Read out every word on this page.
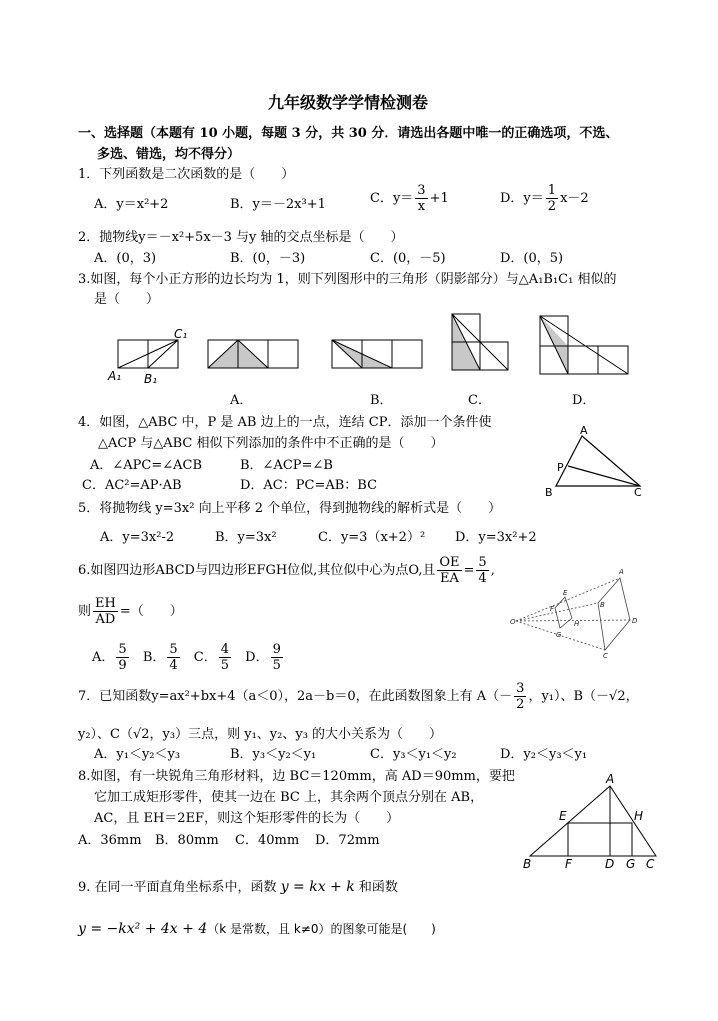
九年级数学学情检测卷
一、选择题（本题有 10 小题，每题 3 分，共 30 分．请选出各题中唯一的正确选项，不选、
多选、错选，均不得分）
1．下列函数是二次函数的是（　　）
A．y＝x²+2	B．y＝－2x³+1	C．$y= \frac{3}{x} +1$	D．$y= \frac{1}{2} x-2$
2．抛物线y＝－x²+5x－3 与y 轴的交点坐标是（　　）
A．(0，3)	B．(0，－3)	C．(0，－5)	D．(0，5)
3.如图，每个小正方形的边长均为 1，则下列图形中的三角形（阴影部分）与△A₁B₁C₁ 相似的
是（　　）
C₁
A₁ B₁
A．	B．	C．	D．
4．如图，△ABC 中，P 是 AB 边上的一点，连结 CP．添加一个条件使
△ACP 与△ABC 相似下列添加的条件中不正确的是（　　）
A．∠APC=∠ACB	B．∠ACP=∠B
C．AC²=AP·AB	D．AC：PC=AB：BC
A
P
B	C
5．将抛物线 y=3x² 向上平移 2 个单位，得到抛物线的解析式是（　　）
A．y=3x²-2	B．y=3x²	C．y=3（x+2）² D．y=3x²+2
6.如图四边形ABCD与四边形EFGH位似,其位似中心为点O,且 $\frac{OE}{EA} = \frac{5}{4}$ ,
则 $\frac{EH}{AD}$ =（　　）
A． $\frac{5}{9}$ B． $\frac{5}{4}$ C． $\frac{4}{5}$ D． $\frac{9}{5}$
O
E
F
G
H
A
B
C
D
7．已知函数y=ax²+bx+4（a＜0），2a－b＝0，在此函数图象上有 $A(- \frac{3}{2}$ ，y₁）、B（－√2，
y₂）、C（√2，y₃）三点，则 y₁、y₂、y₃ 的大小关系为（　　）
A．y₁＜y₂＜y₃	B．y₃＜y₂＜y₁	C．y₃＜y₁＜y₂	D．y₂＜y₃＜y₁
8.如图，有一块锐角三角形材料，边 BC＝120mm，高 AD＝90mm，要把
它加工成矩形零件，使其一边在 BC 上，其余两个顶点分别在 AB，
AC，且 EH＝2EF，则这个矩形零件的长为（　　）
A．36mm B．80mm C．40mm D．72mm
A
E	H
B	F	D G C
9. 在同一平面直角坐标系中，函数 y = kx + k 和函数
y = −kx² + 4x + 4（k 是常数，且 k≠0）的图象可能是(　　)
